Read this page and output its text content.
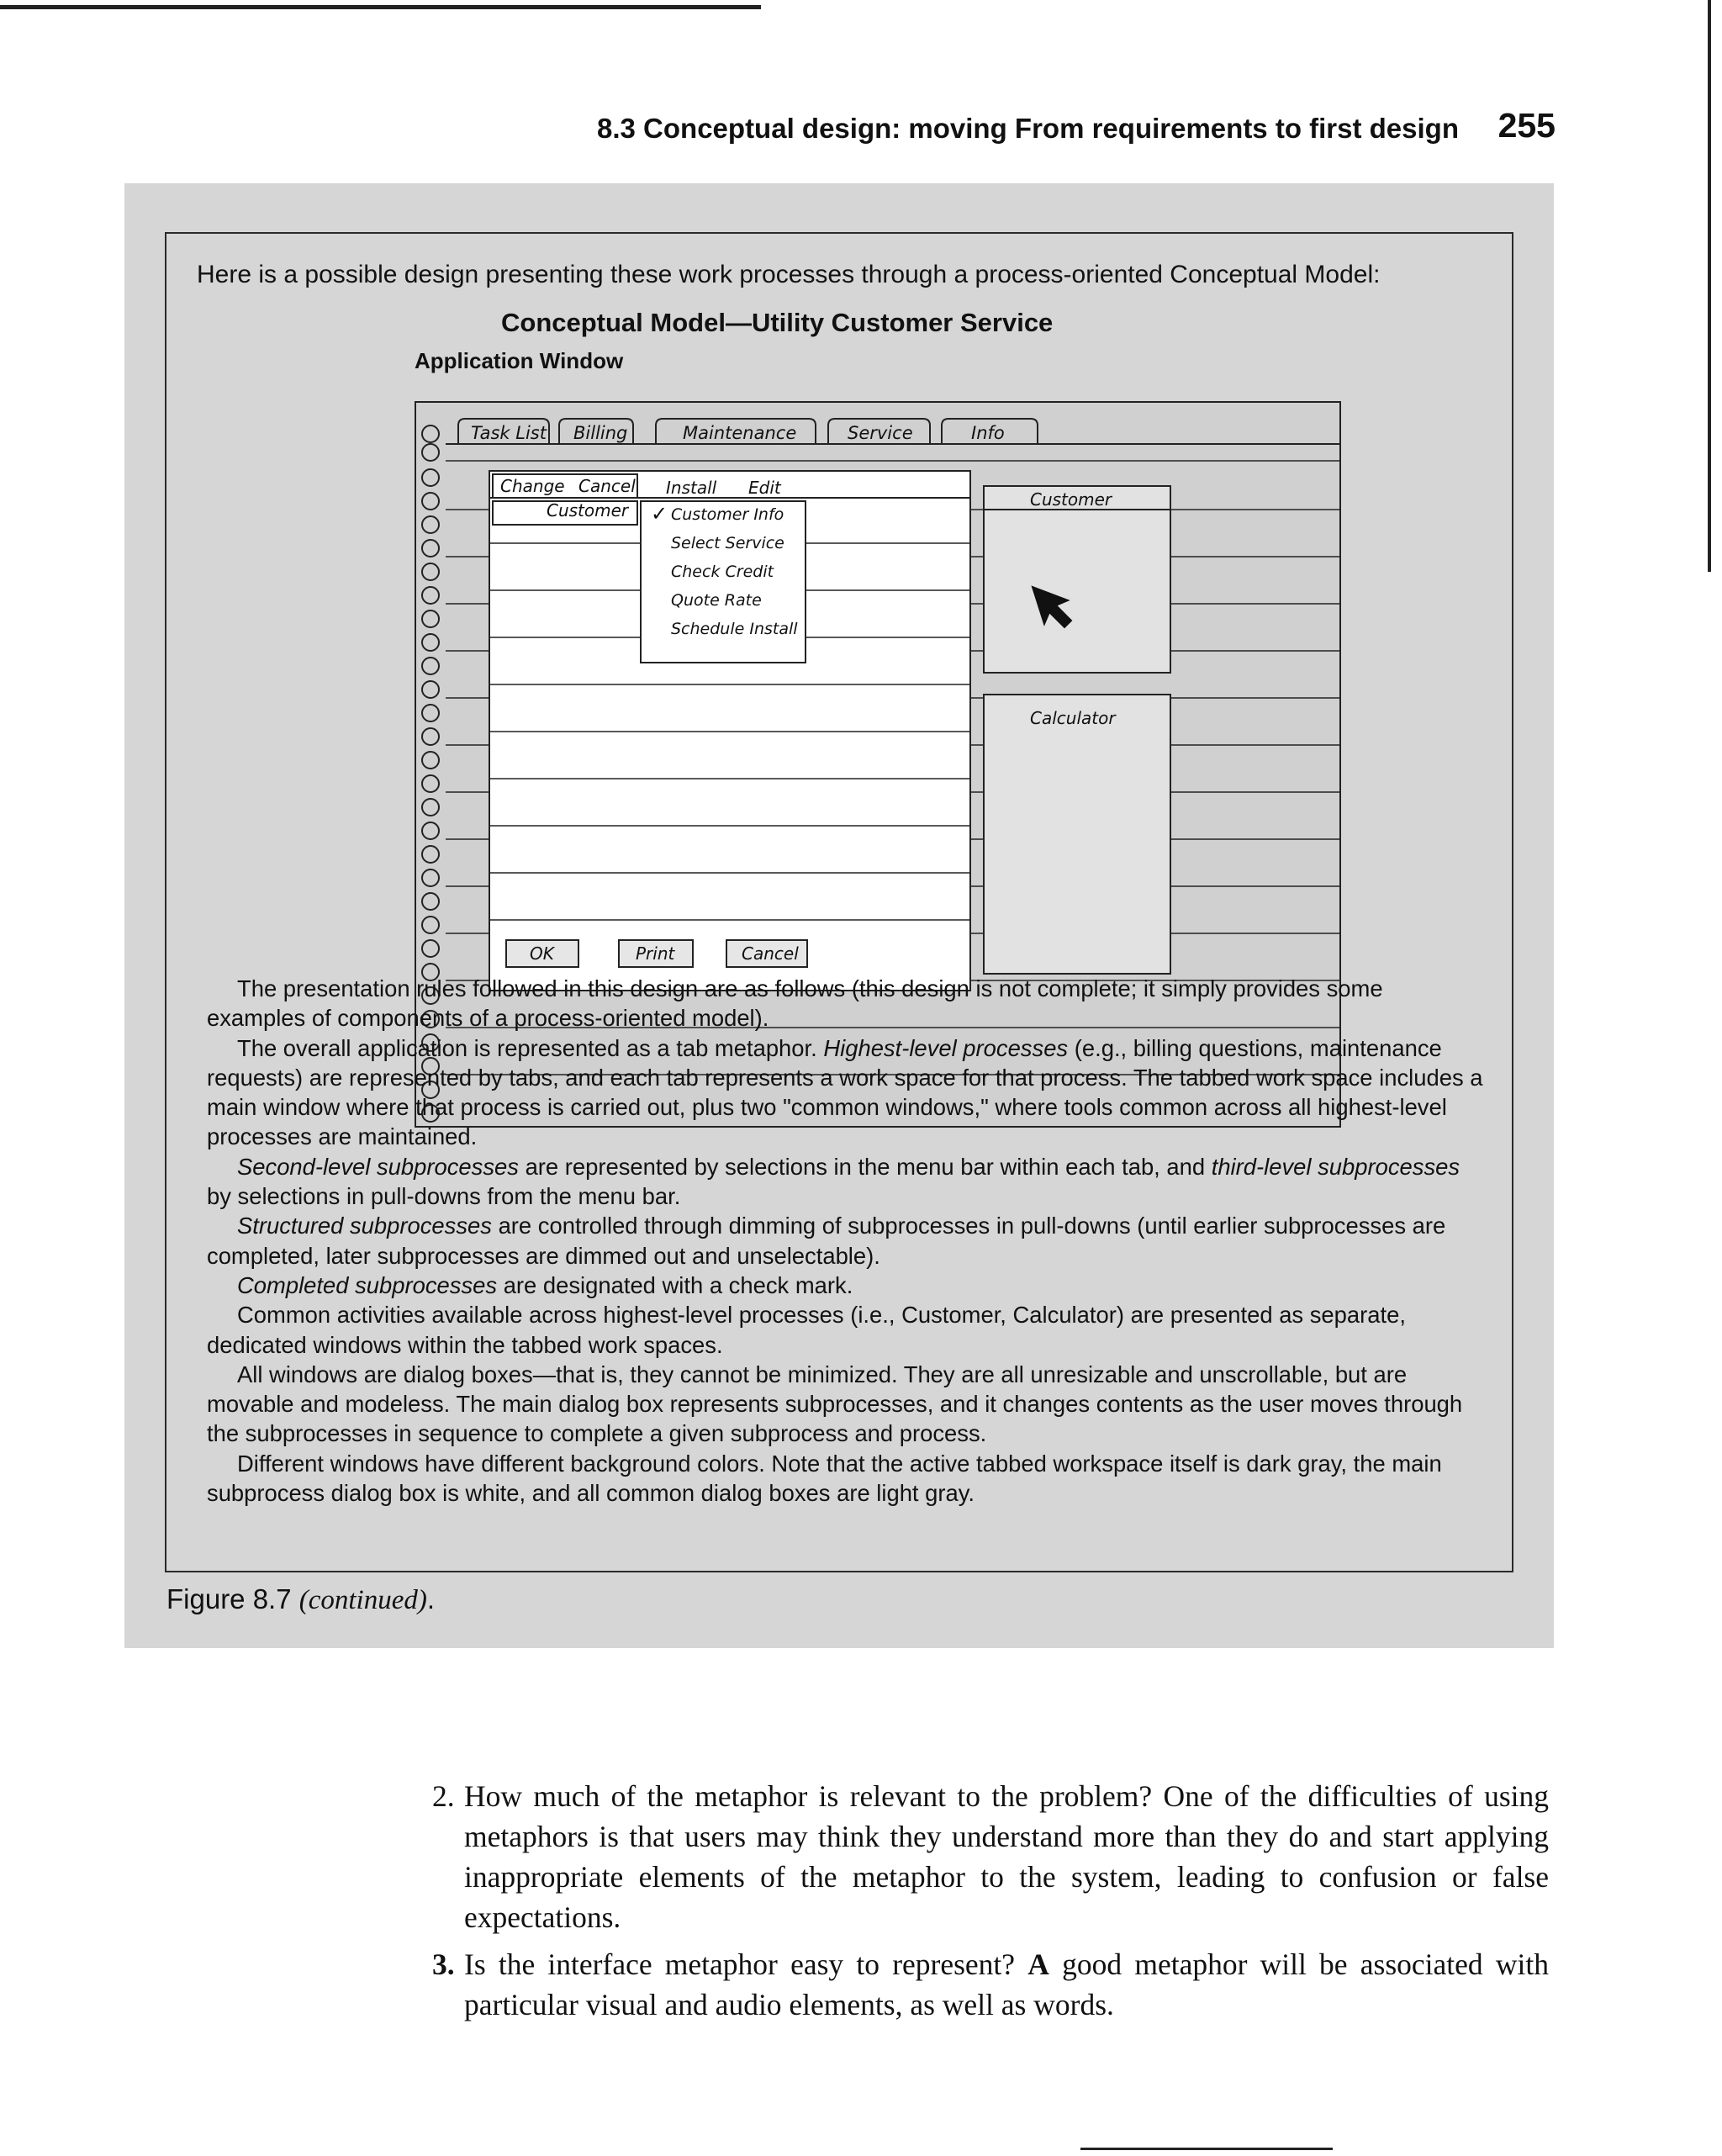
8.3 Conceptual design: moving From requirements to first design 255
Here is a possible design presenting these work processes through a process-oriented Conceptual Model:
Conceptual Model—Utility Customer Service
Application Window
Task List Billing	Maintenance	Service	Info
Change Cancel Install Edit
Customer ✓ Customer Info
Select Service
Check Credit
Quote Rate
Schedule Install
OK	Print	Cancel
Customer
Calculator

The presentation rules followed in this design are as follows (this design is not complete; it simply provides some examples of components of a process-oriented model).

The overall application is represented as a tab metaphor. Highest-level processes (e.g., billing questions, maintenance requests) are represented by tabs, and each tab represents a work space for that process. The tabbed work space includes a main window where that process is carried out, plus two "common windows," where tools common across all highest-level processes are maintained.

Second-level subprocesses are represented by selections in the menu bar within each tab, and third-level subprocesses by selections in pull-downs from the menu bar.

Structured subprocesses are controlled through dimming of subprocesses in pull-downs (until earlier subprocesses are completed, later subprocesses are dimmed out and unselectable).

Completed subprocesses are designated with a check mark.

Common activities available across highest-level processes (i.e., Customer, Calculator) are presented as separate, dedicated windows within the tabbed work spaces.

All windows are dialog boxes—that is, they cannot be minimized. They are all unresizable and unscrollable, but are movable and modeless. The main dialog box represents subprocesses, and it changes contents as the user moves through the subprocesses in sequence to complete a given subprocess and process.

Different windows have different background colors. Note that the active tabbed workspace itself is dark gray, the main subprocess dialog box is white, and all common dialog boxes are light gray.

Figure 8.7 (continued).
2. How much of the metaphor is relevant to the problem? One of the difficulties of using metaphors is that users may think they understand more than they do and start applying inappropriate elements of the metaphor to the system, leading to confusion or false expectations.
3. Is the interface metaphor easy to represent? A good metaphor will be associated with particular visual and audio elements, as well as words.
